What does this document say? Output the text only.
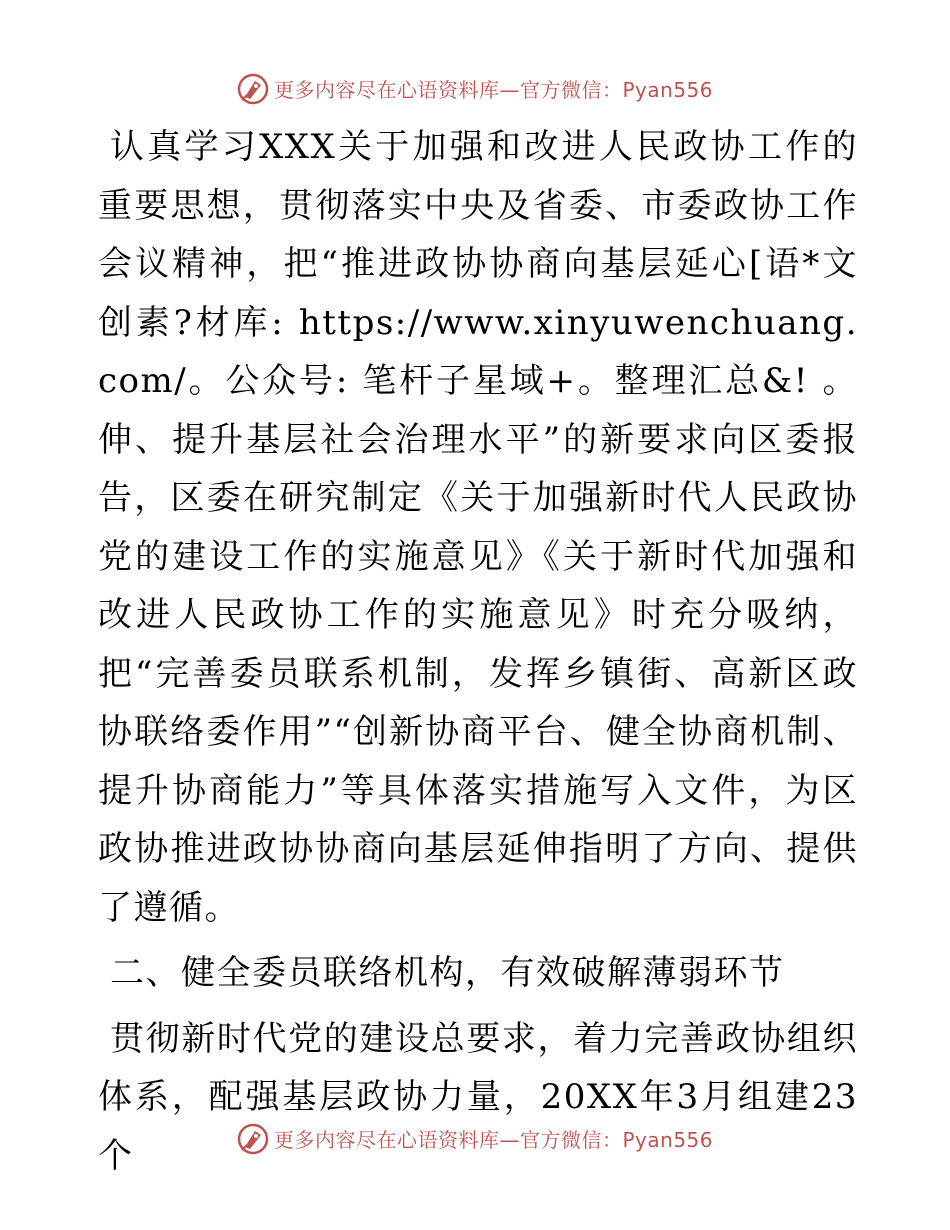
更多内容尽在心语资料库—官方微信：Pyan556

认真学习XXX关于加强和改进人民政协工作的重要思想，贯彻落实中央及省委、市委政协工作会议精神，把“推进政协协商向基层延心[语*文创素?材库: https://www.xinyuwenchuang.com/。公众号: 笔杆子星域+。整理汇总&! 。伸、提升基层社会治理水平”的新要求向区委报告，区委在研究制定《关于加强新时代人民政协党的建设工作的实施意见》《关于新时代加强和改进人民政协工作的实施意见》时充分吸纳，把“完善委员联系机制，发挥乡镇街、高新区政协联络委作用”“创新协商平台、健全协商机制、提升协商能力”等具体落实措施写入文件，为区政协推进政协协商向基层延伸指明了方向、提供了遵循。

二、健全委员联络机构，有效破解薄弱环节

贯彻新时代党的建设总要求，着力完善政协组织体系，配强基层政协力量，20XX年3月组建23个	更多内容尽在心语资料库—官方微信：Pyan556
